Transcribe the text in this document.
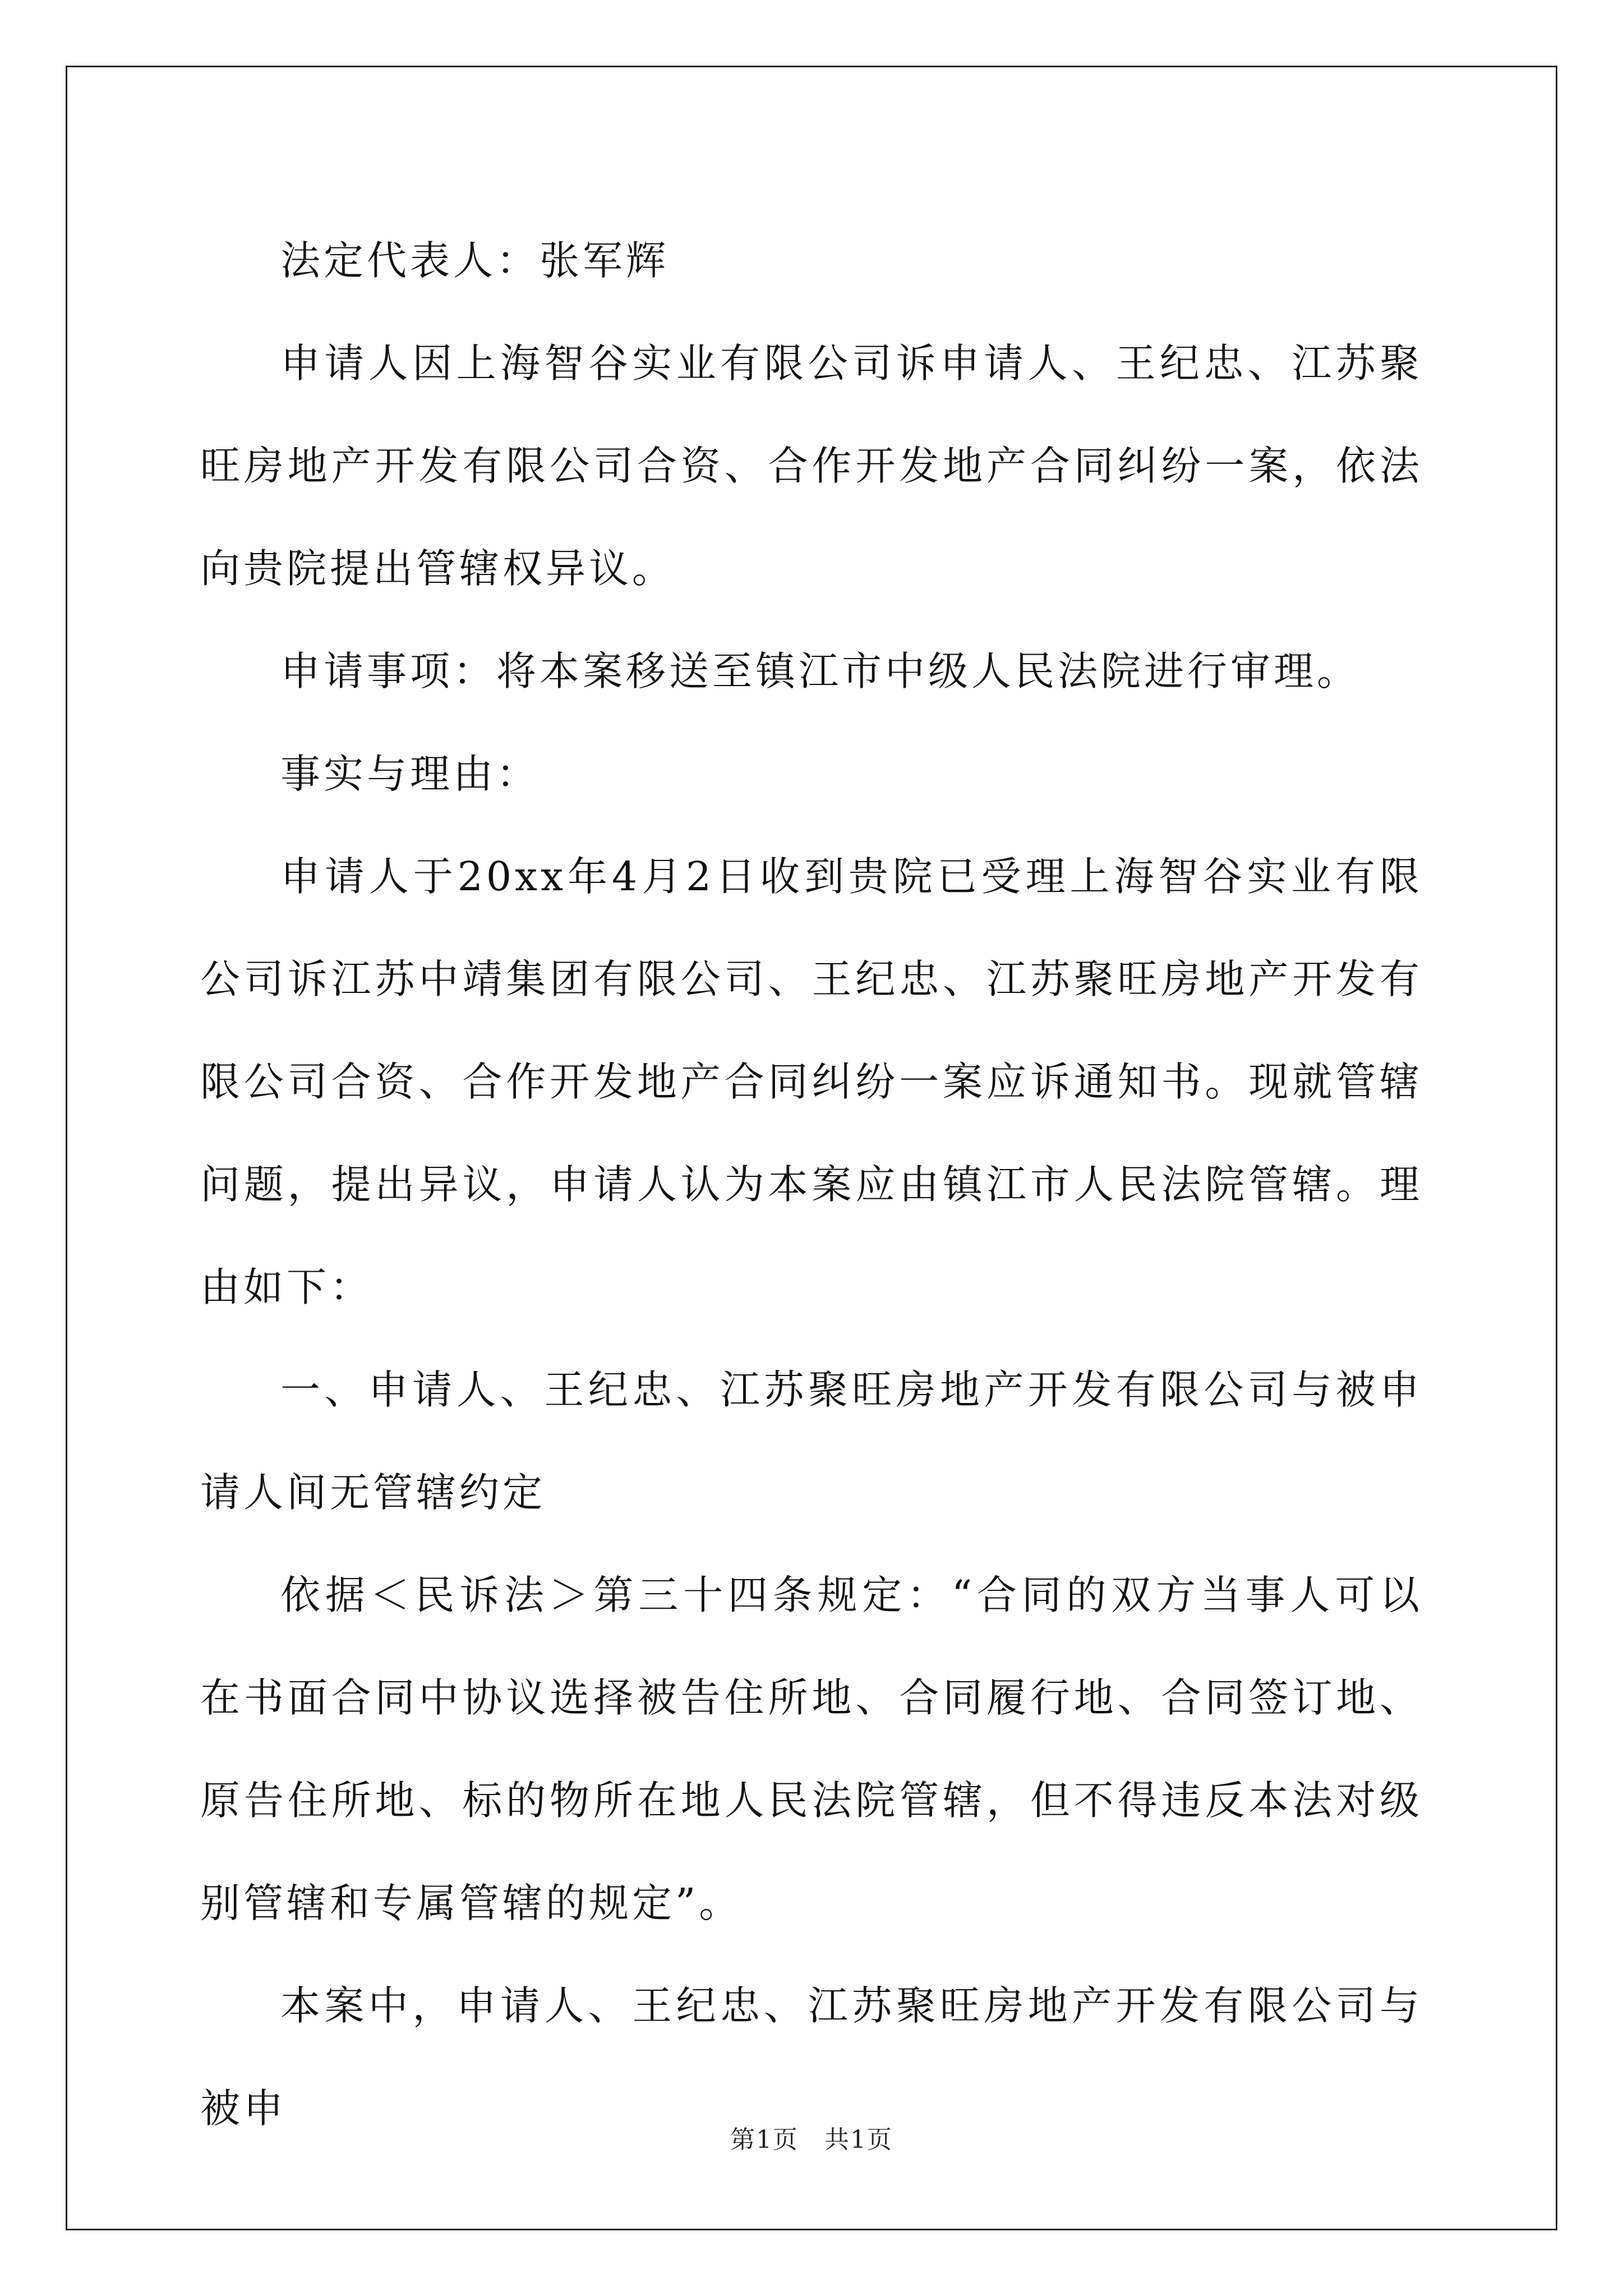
法定代表人：张军辉

申请人因上海智谷实业有限公司诉申请人、王纪忠、江苏聚旺房地产开发有限公司合资、合作开发地产合同纠纷一案，依法向贵院提出管辖权异议。

申请事项：将本案移送至镇江市中级人民法院进行审理。

事实与理由：

申请人于20xx年4月2日收到贵院已受理上海智谷实业有限公司诉江苏中靖集团有限公司、王纪忠、江苏聚旺房地产开发有限公司合资、合作开发地产合同纠纷一案应诉通知书。现就管辖问题，提出异议，申请人认为本案应由镇江市人民法院管辖。理由如下：

一、申请人、王纪忠、江苏聚旺房地产开发有限公司与被申请人间无管辖约定

依据＜民诉法＞第三十四条规定：“合同的双方当事人可以在书面合同中协议选择被告住所地、合同履行地、合同签订地、原告住所地、标的物所在地人民法院管辖，但不得违反本法对级别管辖和专属管辖的规定”。

本案中，申请人、王纪忠、江苏聚旺房地产开发有限公司与被申

第1页 共1页
